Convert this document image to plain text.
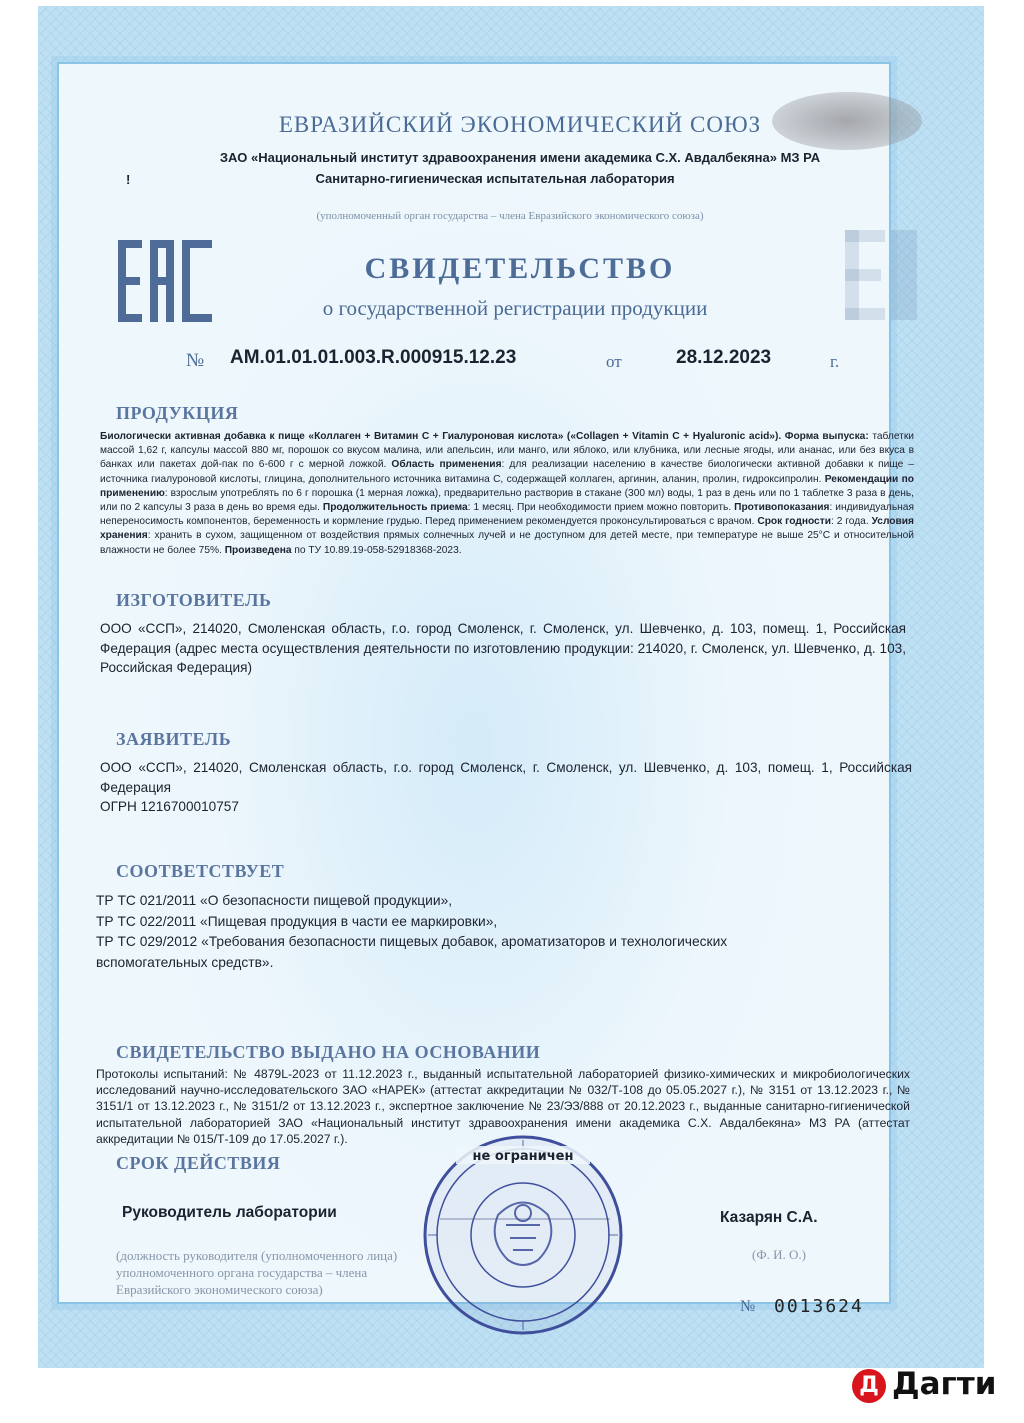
ЕВРАЗИЙСКИЙ ЭКОНОМИЧЕСКИЙ СОЮЗ
ЗАО «Национальный институт здравоохранения имени академика С.Х. Авдалбекяна» МЗ РА
Санитарно-гигиеническая испытательная лаборатория
!
(уполномоченный орган государства – члена Евразийского экономического союза)
СВИДЕТЕЛЬСТВО
о государственной регистрации продукции
№ AM.01.01.01.003.R.000915.12.23	от	28.12.2023	г.
ПРОДУКЦИЯ
Биологически активная добавка к пище «Коллаген + Витамин С + Гиалуроновая кислота» («Collagen + Vitamin C + Hyaluronic acid»). Форма выпуска: таблетки массой 1,62 г, капсулы массой 880 мг, порошок со вкусом малина, или апельсин, или манго, или яблоко, или клубника, или лесные ягоды, или ананас, или без вкуса в банках или пакетах дой-пак по 6-600 г с мерной ложкой. Область применения: для реализации населению в качестве биологически активной добавки к пище – источника гиалуроновой кислоты, глицина, дополнительного источника витамина С, содержащей коллаген, аргинин, аланин, пролин, гидроксипролин. Рекомендации по применению: взрослым употреблять по 6 г порошка (1 мерная ложка), предварительно растворив в стакане (300 мл) воды, 1 раз в день или по 1 таблетке 3 раза в день, или по 2 капсулы 3 раза в день во время еды. Продолжительность приема: 1 месяц. При необходимости прием можно повторить. Противопоказания: индивидуальная непереносимость компонентов, беременность и кормление грудью. Перед применением рекомендуется проконсультироваться с врачом. Срок годности: 2 года. Условия хранения: хранить в сухом, защищенном от воздействия прямых солнечных лучей и не доступном для детей месте, при температуре не выше 25°С и относительной влажности не более 75%. Произведена по ТУ 10.89.19-058-52918368-2023.
ИЗГОТОВИТЕЛЬ
ООО «ССП», 214020, Смоленская область, г.о. город Смоленск, г. Смоленск, ул. Шевченко, д. 103, помещ. 1, Российская Федерация (адрес места осуществления деятельности по изготовлению продукции: 214020, г. Смоленск, ул. Шевченко, д. 103, Российская Федерация)
ЗАЯВИТЕЛЬ
ООО «ССП», 214020, Смоленская область, г.о. город Смоленск, г. Смоленск, ул. Шевченко, д. 103, помещ. 1, Российская Федерация
ОГРН 1216700010757
СООТВЕТСТВУЕТ
ТР ТС 021/2011 «О безопасности пищевой продукции»,
ТР ТС 022/2011 «Пищевая продукция в части ее маркировки»,
ТР ТС 029/2012 «Требования безопасности пищевых добавок, ароматизаторов и технологических вспомогательных средств».
СВИДЕТЕЛЬСТВО ВЫДАНО НА ОСНОВАНИИ
Протоколы испытаний: № 4879L-2023 от 11.12.2023 г., выданный испытательной лабораторией физико-химических и микробиологических исследований научно-исследовательского ЗАО «НАРЕК» (аттестат аккредитации № 032/Т-108 до 05.05.2027 г.), № 3151 от 13.12.2023 г., № 3151/1 от 13.12.2023 г., № 3151/2 от 13.12.2023 г., экспертное заключение № 23/ЭЗ/888 от 20.12.2023 г., выданные санитарно-гигиенической испытательной лабораторией ЗАО «Национальный институт здравоохранения имени академика С.Х. Авдалбекяна» МЗ РА (аттестат аккредитации № 015/Т-109 до 17.05.2027 г.).
СРОК ДЕЙСТВИЯ
Руководитель лаборатории	Казарян С.А.
(должность руководителя (уполномоченного лица) уполномоченного органа государства – члена Евразийского экономического союза)
(Ф. И. О.)
не ограничен
№ 0013624
Д Дагти
